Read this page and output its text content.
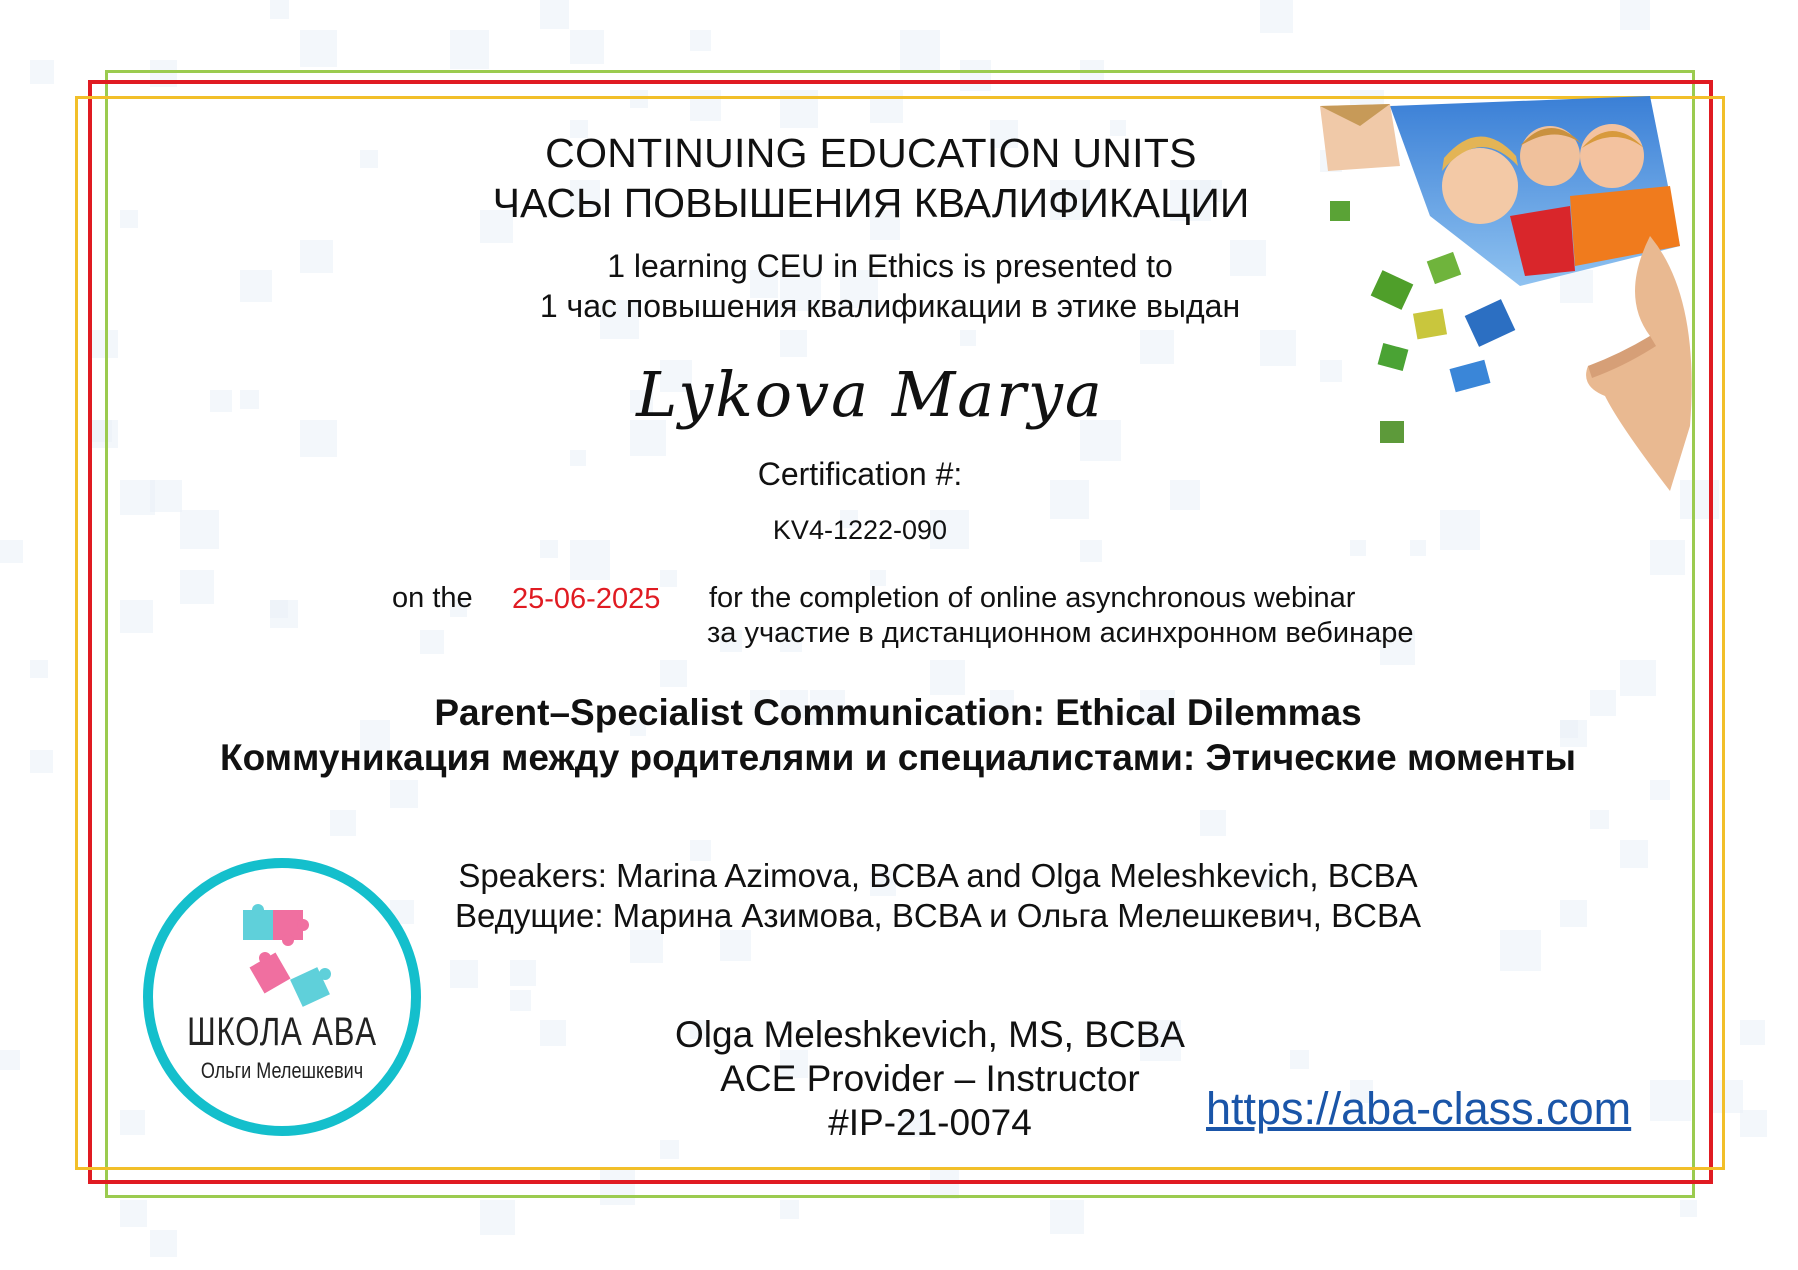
CONTINUING EDUCATION UNITS
ЧАСЫ ПОВЫШЕНИЯ КВАЛИФИКАЦИИ
1 learning CEU in Ethics is presented to
1 час повышения квалификации в этике выдан
Lykova Marya
Certification #:
KV4-1222-090
on the 25-06-2025 for the completion of online asynchronous webinar
за участие в дистанционном асинхронном вебинаре
Parent–Specialist Communication: Ethical Dilemmas
Коммуникация между родителями и специалистами: Этические моменты
Speakers: Marina Azimova, BCBA and Olga Meleshkevich, BCBA
Ведущие: Марина Азимова, BCBA и Ольга Мелешкевич, BCBA
Olga Meleshkevich, MS, BCBA
ACE Provider – Instructor
#IP-21-0074	https://aba-class.com
ШКОЛА ABA
Ольги Мелешкевич
